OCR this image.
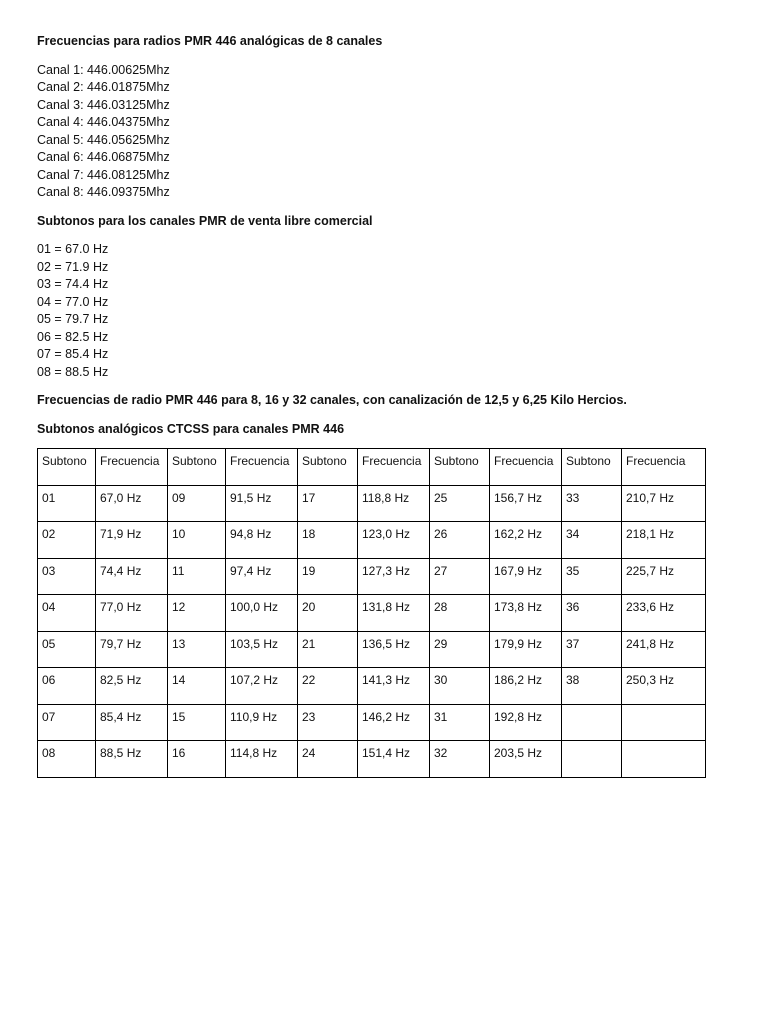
Frecuencias para radios PMR 446 analógicas de 8 canales

Canal 1: 446.00625Mhz
Canal 2: 446.01875Mhz
Canal 3: 446.03125Mhz
Canal 4: 446.04375Mhz
Canal 5: 446.05625Mhz
Canal 6: 446.06875Mhz
Canal 7: 446.08125Mhz
Canal 8: 446.09375Mhz

Subtonos para los canales PMR de venta libre comercial

01 = 67.0 Hz
02 = 71.9 Hz
03 = 74.4 Hz
04 = 77.0 Hz
05 = 79.7 Hz
06 = 82.5 Hz
07 = 85.4 Hz
08 = 88.5 Hz

Frecuencias de radio PMR 446 para 8, 16 y 32 canales, con canalización de 12,5 y 6,25 Kilo Hercios.

Subtonos analógicos CTCSS para canales PMR 446

Subtono	Frecuencia	Subtono	Frecuencia	Subtono	Frecuencia	Subtono	Frecuencia	Subtono	Frecuencia
01	67,0 Hz	09	91,5 Hz	17	118,8 Hz	25	156,7 Hz	33	210,7 Hz
02	71,9 Hz	10	94,8 Hz	18	123,0 Hz	26	162,2 Hz	34	218,1 Hz
03	74,4 Hz	11	97,4 Hz	19	127,3 Hz	27	167,9 Hz	35	225,7 Hz
04	77,0 Hz	12	100,0 Hz	20	131,8 Hz	28	173,8 Hz	36	233,6 Hz
05	79,7 Hz	13	103,5 Hz	21	136,5 Hz	29	179,9 Hz	37	241,8 Hz
06	82,5 Hz	14	107,2 Hz	22	141,3 Hz	30	186,2 Hz	38	250,3 Hz
07	85,4 Hz	15	110,9 Hz	23	146,2 Hz	31	192,8 Hz		
08	88,5 Hz	16	114,8 Hz	24	151,4 Hz	32	203,5 Hz		
